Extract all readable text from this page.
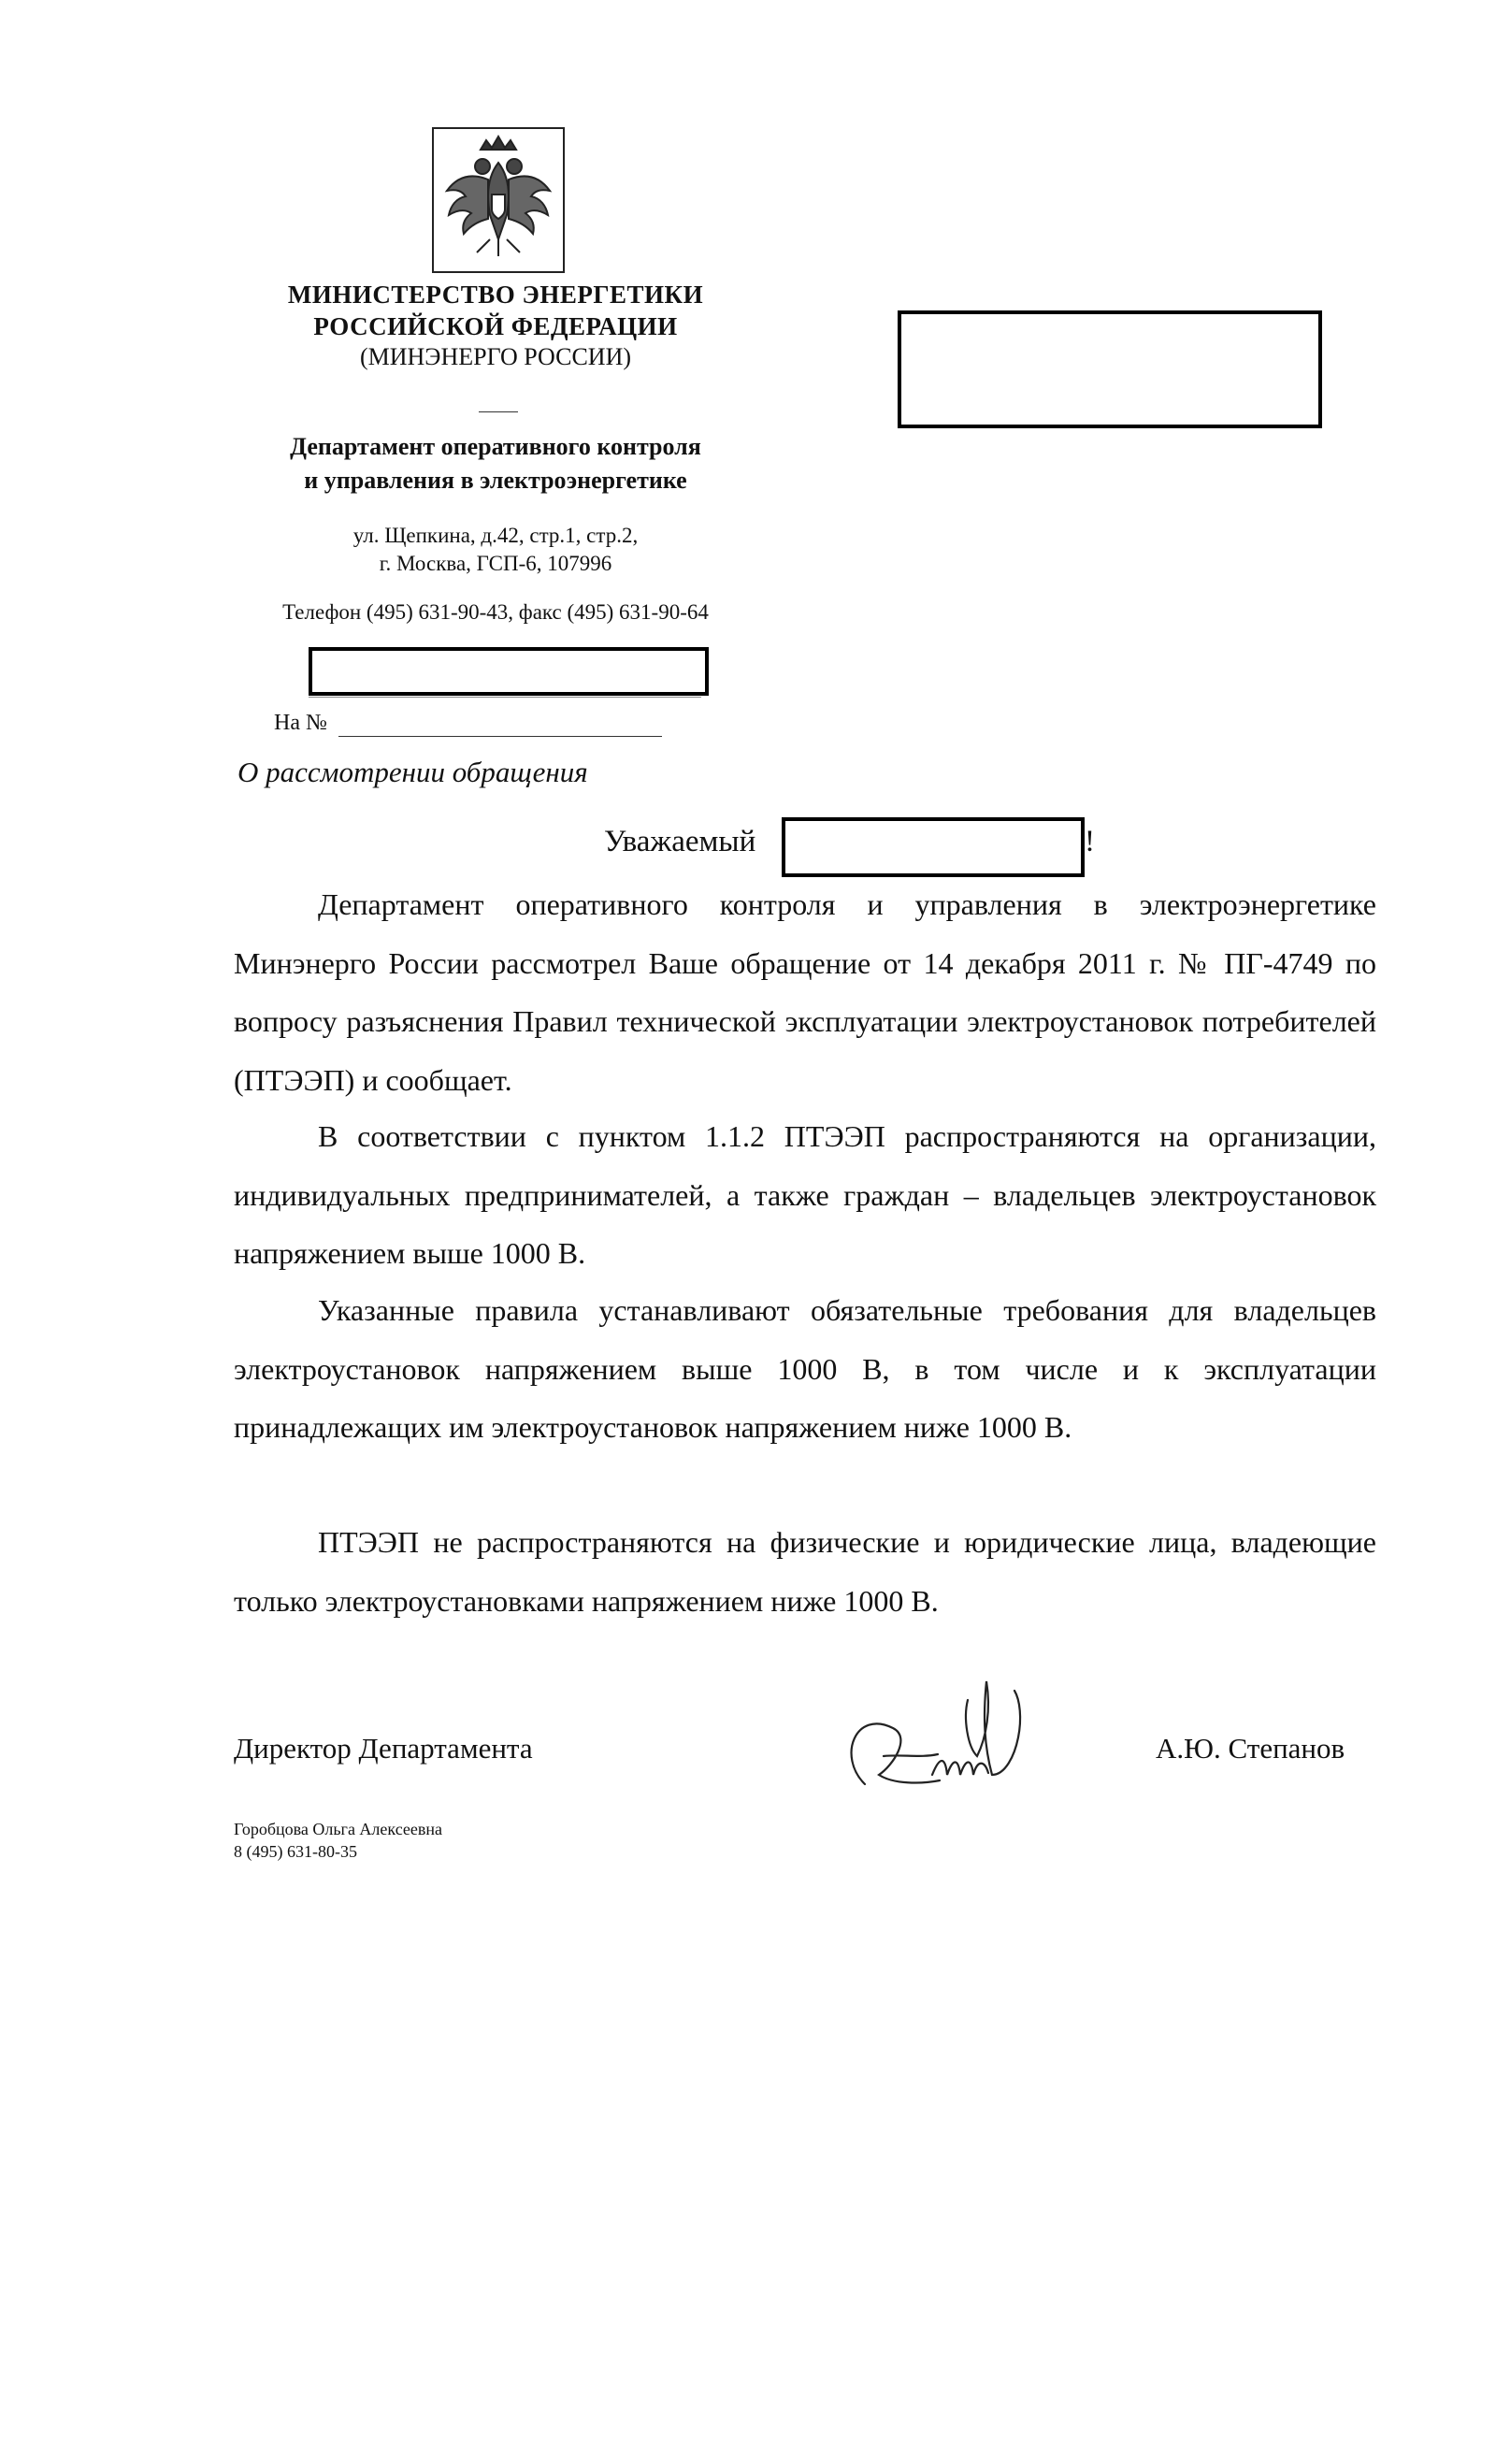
МИНИСТЕРСТВО ЭНЕРГЕТИКИ
РОССИЙСКОЙ ФЕДЕРАЦИИ
(МИНЭНЕРГО РОССИИ)
Департамент оперативного контроля
и управления в электроэнергетике
ул. Щепкина, д.42, стр.1, стр.2,
г. Москва, ГСП-6, 107996
Телефон (495) 631-90-43, факс (495) 631-90-64
На №
О рассмотрении обращения
Уважаемый	!

Департамент оперативного контроля и управления в электроэнергетике Минэнерго России рассмотрел Ваше обращение от 14 декабря 2011 г. № ПГ-4749 по вопросу разъяснения Правил технической эксплуатации электроустановок потребителей (ПТЭЭП) и сообщает.

В соответствии с пунктом 1.1.2 ПТЭЭП распространяются на организации, индивидуальных предпринимателей, а также граждан – владельцев электроустановок напряжением выше 1000 В.

Указанные правила устанавливают обязательные требования для владельцев электроустановок напряжением выше 1000 В, в том числе и к эксплуатации принадлежащих им электроустановок напряжением ниже 1000 В.

ПТЭЭП не распространяются на физические и юридические лица, владеющие только электроустановками напряжением ниже 1000 В.

Директор Департамента	А.Ю. Степанов
Горобцова Ольга Алексеевна
8 (495) 631-80-35
